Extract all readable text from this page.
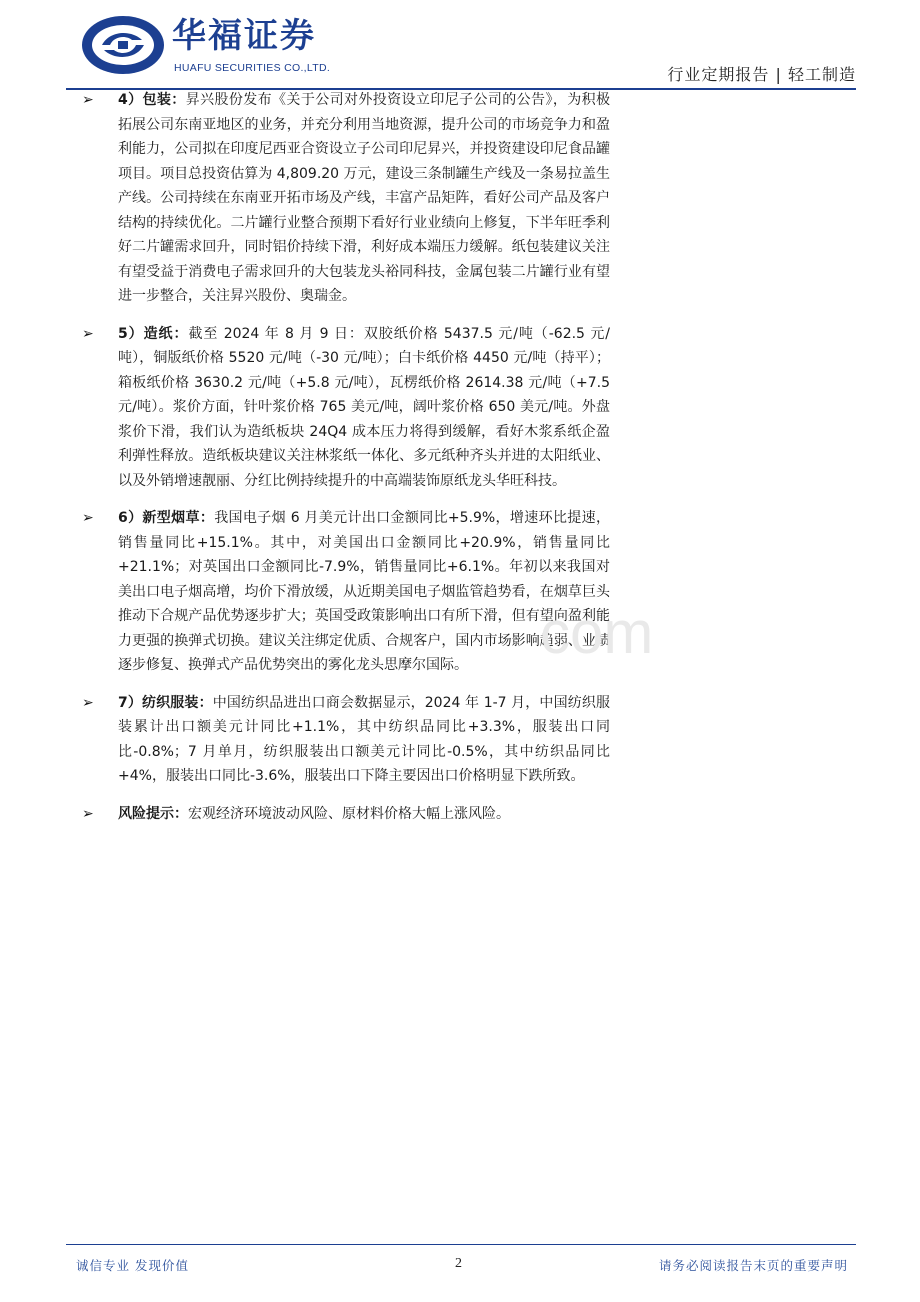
华福证券
HUAFU SECURITIES CO.,LTD.	行业定期报告 | 轻工制造
➢ 4）包装：昇兴股份发布《关于公司对外投资设立印尼子公司的公告》，为积极拓展公司东南亚地区的业务，并充分利用当地资源，提升公司的市场竞争力和盈利能力，公司拟在印度尼西亚合资设立子公司印尼昇兴，并投资建设印尼食品罐项目。项目总投资估算为 4,809.20 万元，建设三条制罐生产线及一条易拉盖生产线。公司持续在东南亚开拓市场及产线，丰富产品矩阵，看好公司产品及客户结构的持续优化。二片罐行业整合预期下看好行业业绩向上修复，下半年旺季利好二片罐需求回升，同时铝价持续下滑，利好成本端压力缓解。纸包装建议关注有望受益于消费电子需求回升的大包装龙头裕同科技，金属包装二片罐行业有望进一步整合，关注昇兴股份、奥瑞金。
➢ 5）造纸：截至 2024 年 8 月 9 日：双胶纸价格 5437.5 元/吨（-62.5 元/吨），铜版纸价格 5520 元/吨（-30 元/吨）；白卡纸价格 4450 元/吨（持平）；箱板纸价格 3630.2 元/吨（+5.8 元/吨），瓦楞纸价格 2614.38 元/吨（+7.5 元/吨）。浆价方面，针叶浆价格 765 美元/吨，阔叶浆价格 650 美元/吨。外盘浆价下滑，我们认为造纸板块 24Q4 成本压力将得到缓解，看好木浆系纸企盈利弹性释放。造纸板块建议关注林浆纸一体化、多元纸种齐头并进的太阳纸业、以及外销增速靓丽、分红比例持续提升的中高端装饰原纸龙头华旺科技。
➢ 6）新型烟草：我国电子烟 6 月美元计出口金额同比+5.9%，增速环比提速，销售量同比+15.1%。其中，对美国出口金额同比+20.9%，销售量同比+21.1%；对英国出口金额同比-7.9%，销售量同比+6.1%。年初以来我国对美出口电子烟高增，均价下滑放缓，从近期美国电子烟监管趋势看，在烟草巨头推动下合规产品优势逐步扩大；英国受政策影响出口有所下滑，但有望向盈利能力更强的换弹式切换。建议关注绑定优质、合规客户，国内市场影响趋弱、业绩逐步修复、换弹式产品优势突出的雾化龙头思摩尔国际。
➢ 7）纺织服装：中国纺织品进出口商会数据显示，2024 年 1-7 月，中国纺织服装累计出口额美元计同比+1.1%，其中纺织品同比+3.3%，服装出口同比-0.8%；7 月单月，纺织服装出口额美元计同比-0.5%，其中纺织品同比+4%，服装出口同比-3.6%，服装出口下降主要因出口价格明显下跌所致。
➢ 风险提示：宏观经济环境波动风险、原材料价格大幅上涨风险。
com
诚信专业 发现价值	2	请务必阅读报告末页的重要声明
